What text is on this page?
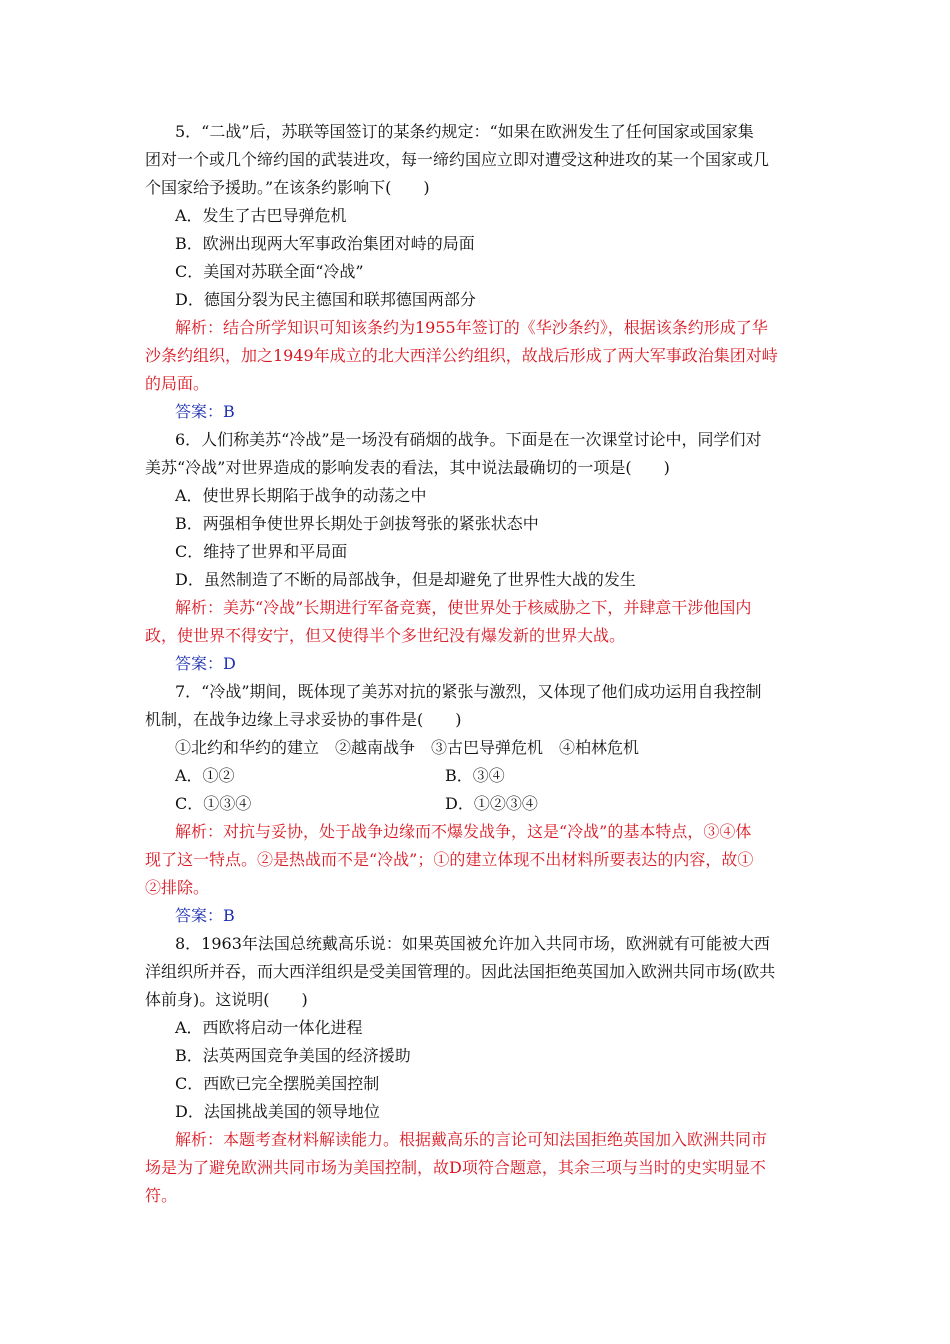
5．“二战”后，苏联等国签订的某条约规定：“如果在欧洲发生了任何国家或国家集
团对一个或几个缔约国的武装进攻，每一缔约国应立即对遭受这种进攻的某一个国家或几
个国家给予援助。”在该条约影响下(　　)
A．发生了古巴导弹危机
B．欧洲出现两大军事政治集团对峙的局面
C．美国对苏联全面“冷战”
D．德国分裂为民主德国和联邦德国两部分
解析：结合所学知识可知该条约为1955年签订的《华沙条约》，根据该条约形成了华
沙条约组织，加之1949年成立的北大西洋公约组织，故战后形成了两大军事政治集团对峙
的局面。
答案：B
6．人们称美苏“冷战”是一场没有硝烟的战争。下面是在一次课堂讨论中，同学们对
美苏“冷战”对世界造成的影响发表的看法，其中说法最确切的一项是(　　)
A．使世界长期陷于战争的动荡之中
B．两强相争使世界长期处于剑拔弩张的紧张状态中
C．维持了世界和平局面
D．虽然制造了不断的局部战争，但是却避免了世界性大战的发生
解析：美苏“冷战”长期进行军备竞赛，使世界处于核威胁之下，并肆意干涉他国内
政，使世界不得安宁，但又使得半个多世纪没有爆发新的世界大战。
答案：D
7．“冷战”期间，既体现了美苏对抗的紧张与激烈，又体现了他们成功运用自我控制
机制，在战争边缘上寻求妥协的事件是(　　)
①北约和华约的建立　②越南战争　③古巴导弹危机　④柏林危机
A．①②	B．③④
C．①③④	D．①②③④
解析：对抗与妥协，处于战争边缘而不爆发战争，这是“冷战”的基本特点，③④体
现了这一特点。②是热战而不是“冷战”；①的建立体现不出材料所要表达的内容，故①
②排除。
答案：B
8．1963年法国总统戴高乐说：如果英国被允许加入共同市场，欧洲就有可能被大西
洋组织所并吞，而大西洋组织是受美国管理的。因此法国拒绝英国加入欧洲共同市场(欧共
体前身)。这说明(　　)
A．西欧将启动一体化进程
B．法英两国竞争美国的经济援助
C．西欧已完全摆脱美国控制
D．法国挑战美国的领导地位
解析：本题考查材料解读能力。根据戴高乐的言论可知法国拒绝英国加入欧洲共同市
场是为了避免欧洲共同市场为美国控制，故D项符合题意，其余三项与当时的史实明显不
符。
